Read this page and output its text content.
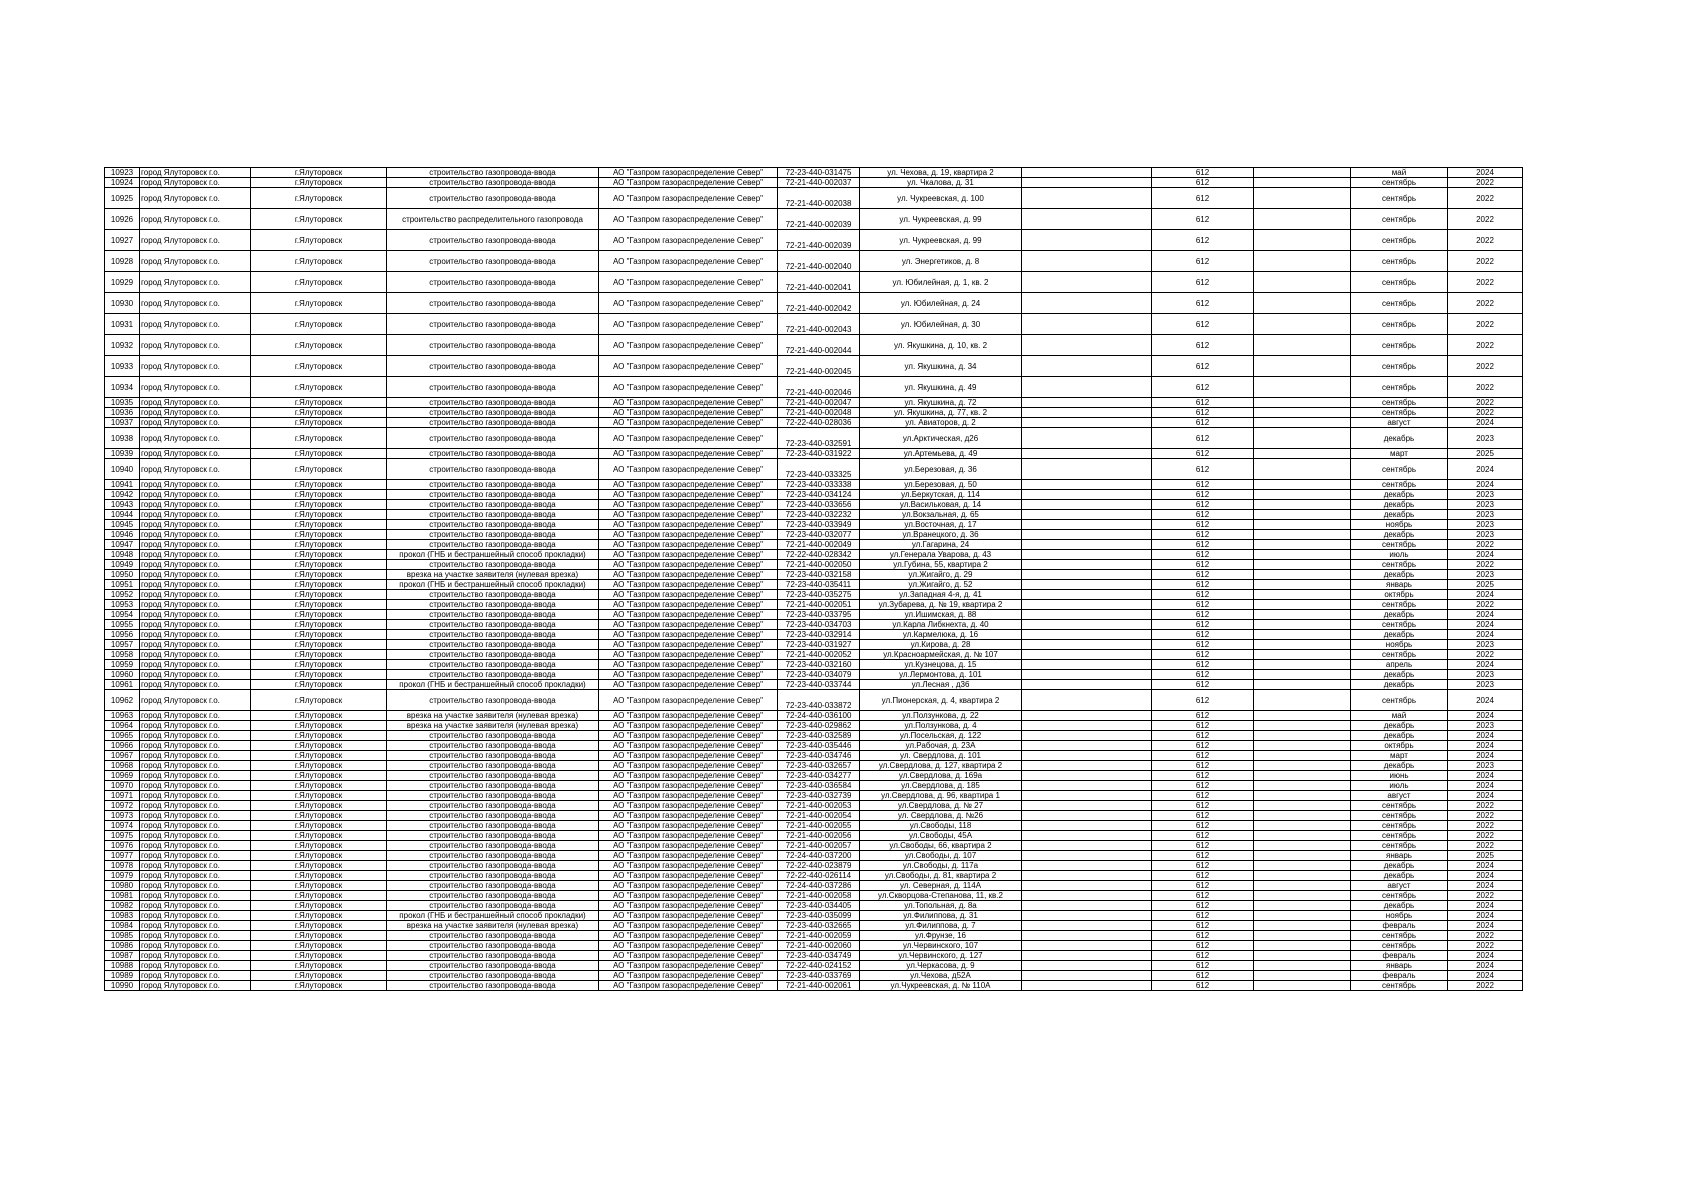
10923	город Ялуторовск г.о.	г.Ялуторовск	строительство газопровода-ввода	АО "Газпром газораспределение Север"	72-23-440-031475	ул. Чехова, д. 19, квартира 2		612		май	2024
10924	город Ялуторовск г.о.	г.Ялуторовск	строительство газопровода-ввода	АО "Газпром газораспределение Север"	72-21-440-002037	ул. Чкалова, д. 31		612		сентябрь	2022
10925	город Ялуторовск г.о.	г.Ялуторовск	строительство газопровода-ввода	АО "Газпром газораспределение Север"	72-21-440-002038	ул. Чукреевская, д. 100		612		сентябрь	2022
10926	город Ялуторовск г.о.	г.Ялуторовск	строительство распределительного газопровода	АО "Газпром газораспределение Север"	72-21-440-002039	ул. Чукреевская, д. 99		612		сентябрь	2022
10927	город Ялуторовск г.о.	г.Ялуторовск	строительство газопровода-ввода	АО "Газпром газораспределение Север"	72-21-440-002039	ул. Чукреевская, д. 99		612		сентябрь	2022
10928	город Ялуторовск г.о.	г.Ялуторовск	строительство газопровода-ввода	АО "Газпром газораспределение Север"	72-21-440-002040	ул. Энергетиков, д. 8		612		сентябрь	2022
10929	город Ялуторовск г.о.	г.Ялуторовск	строительство газопровода-ввода	АО "Газпром газораспределение Север"	72-21-440-002041	ул. Юбилейная, д. 1, кв. 2		612		сентябрь	2022
10930	город Ялуторовск г.о.	г.Ялуторовск	строительство газопровода-ввода	АО "Газпром газораспределение Север"	72-21-440-002042	ул. Юбилейная, д. 24		612		сентябрь	2022
10931	город Ялуторовск г.о.	г.Ялуторовск	строительство газопровода-ввода	АО "Газпром газораспределение Север"	72-21-440-002043	ул. Юбилейная, д. 30		612		сентябрь	2022
10932	город Ялуторовск г.о.	г.Ялуторовск	строительство газопровода-ввода	АО "Газпром газораспределение Север"	72-21-440-002044	ул. Якушкина, д. 10, кв. 2		612		сентябрь	2022
10933	город Ялуторовск г.о.	г.Ялуторовск	строительство газопровода-ввода	АО "Газпром газораспределение Север"	72-21-440-002045	ул. Якушкина, д. 34		612		сентябрь	2022
10934	город Ялуторовск г.о.	г.Ялуторовск	строительство газопровода-ввода	АО "Газпром газораспределение Север"	72-21-440-002046	ул. Якушкина, д. 49		612		сентябрь	2022
10935	город Ялуторовск г.о.	г.Ялуторовск	строительство газопровода-ввода	АО "Газпром газораспределение Север"	72-21-440-002047	ул. Якушкина, д. 72		612		сентябрь	2022
10936	город Ялуторовск г.о.	г.Ялуторовск	строительство газопровода-ввода	АО "Газпром газораспределение Север"	72-21-440-002048	ул. Якушкина, д. 77, кв. 2		612		сентябрь	2022
10937	город Ялуторовск г.о.	г.Ялуторовск	строительство газопровода-ввода	АО "Газпром газораспределение Север"	72-22-440-028036	ул. Авиаторов, д. 2		612		август	2024
10938	город Ялуторовск г.о.	г.Ялуторовск	строительство газопровода-ввода	АО "Газпром газораспределение Север"	72-23-440-032591	ул.Арктическая, д26		612		декабрь	2023
10939	город Ялуторовск г.о.	г.Ялуторовск	строительство газопровода-ввода	АО "Газпром газораспределение Север"	72-23-440-031922	ул.Артемьева, д. 49		612		март	2025
10940	город Ялуторовск г.о.	г.Ялуторовск	строительство газопровода-ввода	АО "Газпром газораспределение Север"	72-23-440-033325	ул.Березовая, д. 36		612		сентябрь	2024
10941	город Ялуторовск г.о.	г.Ялуторовск	строительство газопровода-ввода	АО "Газпром газораспределение Север"	72-23-440-033338	ул.Березовая, д. 50		612		сентябрь	2024
10942	город Ялуторовск г.о.	г.Ялуторовск	строительство газопровода-ввода	АО "Газпром газораспределение Север"	72-23-440-034124	ул.Беркутская, д. 114		612		декабрь	2023
10943	город Ялуторовск г.о.	г.Ялуторовск	строительство газопровода-ввода	АО "Газпром газораспределение Север"	72-23-440-033656	ул.Васильковая, д. 14		612		декабрь	2023
10944	город Ялуторовск г.о.	г.Ялуторовск	строительство газопровода-ввода	АО "Газпром газораспределение Север"	72-23-440-032232	ул.Вокзальная, д. 65		612		декабрь	2023
10945	город Ялуторовск г.о.	г.Ялуторовск	строительство газопровода-ввода	АО "Газпром газораспределение Север"	72-23-440-033949	ул.Восточная, д. 17		612		ноябрь	2023
10946	город Ялуторовск г.о.	г.Ялуторовск	строительство газопровода-ввода	АО "Газпром газораспределение Север"	72-23-440-032077	ул.Вранецкого, д. 36		612		декабрь	2023
10947	город Ялуторовск г.о.	г.Ялуторовск	строительство газопровода-ввода	АО "Газпром газораспределение Север"	72-21-440-002049	ул.Гагарина, 24		612		сентябрь	2022
10948	город Ялуторовск г.о.	г.Ялуторовск	прокол (ГНБ и бестраншейный способ прокладки)	АО "Газпром газораспределение Север"	72-22-440-028342	ул.Генерала Уварова, д. 43		612		июль	2024
10949	город Ялуторовск г.о.	г.Ялуторовск	строительство газопровода-ввода	АО "Газпром газораспределение Север"	72-21-440-002050	ул.Губина, 55, квартира 2		612		сентябрь	2022
10950	город Ялуторовск г.о.	г.Ялуторовск	врезка на участке заявителя (нулевая врезка)	АО "Газпром газораспределение Север"	72-23-440-032158	ул.Жигайго, д. 29		612		декабрь	2023
10951	город Ялуторовск г.о.	г.Ялуторовск	прокол (ГНБ и бестраншейный способ прокладки)	АО "Газпром газораспределение Север"	72-23-440-035411	ул.Жигайго, д. 52		612		январь	2025
10952	город Ялуторовск г.о.	г.Ялуторовск	строительство газопровода-ввода	АО "Газпром газораспределение Север"	72-23-440-035275	ул.Западная 4-я, д. 41		612		октябрь	2024
10953	город Ялуторовск г.о.	г.Ялуторовск	строительство газопровода-ввода	АО "Газпром газораспределение Север"	72-21-440-002051	ул.Зубарева, д. № 19, квартира 2		612		сентябрь	2022
10954	город Ялуторовск г.о.	г.Ялуторовск	строительство газопровода-ввода	АО "Газпром газораспределение Север"	72-23-440-033795	ул.Ишимская, д. 88		612		декабрь	2024
10955	город Ялуторовск г.о.	г.Ялуторовск	строительство газопровода-ввода	АО "Газпром газораспределение Север"	72-23-440-034703	ул.Карла Либкнехта, д. 40		612		сентябрь	2024
10956	город Ялуторовск г.о.	г.Ялуторовск	строительство газопровода-ввода	АО "Газпром газораспределение Север"	72-23-440-032914	ул.Кармелюка, д. 16		612		декабрь	2024
10957	город Ялуторовск г.о.	г.Ялуторовск	строительство газопровода-ввода	АО "Газпром газораспределение Север"	72-23-440-031927	ул.Кирова, д. 28		612		ноябрь	2023
10958	город Ялуторовск г.о.	г.Ялуторовск	строительство газопровода-ввода	АО "Газпром газораспределение Север"	72-21-440-002052	ул.Красноармейская, д. № 107		612		сентябрь	2022
10959	город Ялуторовск г.о.	г.Ялуторовск	строительство газопровода-ввода	АО "Газпром газораспределение Север"	72-23-440-032160	ул.Кузнецова, д. 15		612		апрель	2024
10960	город Ялуторовск г.о.	г.Ялуторовск	строительство газопровода-ввода	АО "Газпром газораспределение Север"	72-23-440-034079	ул.Лермонтова, д. 101		612		декабрь	2023
10961	город Ялуторовск г.о.	г.Ялуторовск	прокол (ГНБ и бестраншейный способ прокладки)	АО "Газпром газораспределение Север"	72-23-440-033744	ул.Лесная , д36		612		декабрь	2023
10962	город Ялуторовск г.о.	г.Ялуторовск	строительство газопровода-ввода	АО "Газпром газораспределение Север"	72-23-440-033872	ул.Пионерская, д. 4, квартира 2		612		сентябрь	2024
10963	город Ялуторовск г.о.	г.Ялуторовск	врезка на участке заявителя (нулевая врезка)	АО "Газпром газораспределение Север"	72-24-440-036100	ул.Ползункова, д. 22		612		май	2024
10964	город Ялуторовск г.о.	г.Ялуторовск	врезка на участке заявителя (нулевая врезка)	АО "Газпром газораспределение Север"	72-23-440-029862	ул.Ползункова, д. 4		612		декабрь	2023
10965	город Ялуторовск г.о.	г.Ялуторовск	строительство газопровода-ввода	АО "Газпром газораспределение Север"	72-23-440-032589	ул.Посельская, д. 122		612		декабрь	2024
10966	город Ялуторовск г.о.	г.Ялуторовск	строительство газопровода-ввода	АО "Газпром газораспределение Север"	72-23-440-035446	ул.Рабочая, д. 23А		612		октябрь	2024
10967	город Ялуторовск г.о.	г.Ялуторовск	строительство газопровода-ввода	АО "Газпром газораспределение Север"	72-23-440-034746	ул. Свердлова, д. 101		612		март	2024
10968	город Ялуторовск г.о.	г.Ялуторовск	строительство газопровода-ввода	АО "Газпром газораспределение Север"	72-23-440-032657	ул.Свердлова, д. 127, квартира 2		612		декабрь	2023
10969	город Ялуторовск г.о.	г.Ялуторовск	строительство газопровода-ввода	АО "Газпром газораспределение Север"	72-23-440-034277	ул.Свердлова, д. 169а		612		июнь	2024
10970	город Ялуторовск г.о.	г.Ялуторовск	строительство газопровода-ввода	АО "Газпром газораспределение Север"	72-23-440-036584	ул.Свердлова, д. 185		612		июль	2024
10971	город Ялуторовск г.о.	г.Ялуторовск	строительство газопровода-ввода	АО "Газпром газораспределение Север"	72-23-440-032739	ул.Свердлова, д. 96, квартира 1		612		август	2024
10972	город Ялуторовск г.о.	г.Ялуторовск	строительство газопровода-ввода	АО "Газпром газораспределение Север"	72-21-440-002053	ул.Свердлова, д. № 27		612		сентябрь	2022
10973	город Ялуторовск г.о.	г.Ялуторовск	строительство газопровода-ввода	АО "Газпром газораспределение Север"	72-21-440-002054	ул. Свердлова, д. №26		612		сентябрь	2022
10974	город Ялуторовск г.о.	г.Ялуторовск	строительство газопровода-ввода	АО "Газпром газораспределение Север"	72-21-440-002055	ул.Свободы, 118		612		сентябрь	2022
10975	город Ялуторовск г.о.	г.Ялуторовск	строительство газопровода-ввода	АО "Газпром газораспределение Север"	72-21-440-002056	ул.Свободы, 45А		612		сентябрь	2022
10976	город Ялуторовск г.о.	г.Ялуторовск	строительство газопровода-ввода	АО "Газпром газораспределение Север"	72-21-440-002057	ул.Свободы, 66, квартира 2		612		сентябрь	2022
10977	город Ялуторовск г.о.	г.Ялуторовск	строительство газопровода-ввода	АО "Газпром газораспределение Север"	72-24-440-037200	ул.Свободы, д. 107		612		январь	2025
10978	город Ялуторовск г.о.	г.Ялуторовск	строительство газопровода-ввода	АО "Газпром газораспределение Север"	72-22-440-023879	ул.Свободы, д. 117а		612		декабрь	2024
10979	город Ялуторовск г.о.	г.Ялуторовск	строительство газопровода-ввода	АО "Газпром газораспределение Север"	72-22-440-026114	ул.Свободы, д. 81, квартира 2		612		декабрь	2024
10980	город Ялуторовск г.о.	г.Ялуторовск	строительство газопровода-ввода	АО "Газпром газораспределение Север"	72-24-440-037286	ул. Северная, д. 114А		612		август	2024
10981	город Ялуторовск г.о.	г.Ялуторовск	строительство газопровода-ввода	АО "Газпром газораспределение Север"	72-21-440-002058	ул.Скворцова-Степанова, 11, кв.2		612		сентябрь	2022
10982	город Ялуторовск г.о.	г.Ялуторовск	строительство газопровода-ввода	АО "Газпром газораспределение Север"	72-23-440-034405	ул.Топольная, д. 8а		612		декабрь	2024
10983	город Ялуторовск г.о.	г.Ялуторовск	прокол (ГНБ и бестраншейный способ прокладки)	АО "Газпром газораспределение Север"	72-23-440-035099	ул.Филиппова, д. 31		612		ноябрь	2024
10984	город Ялуторовск г.о.	г.Ялуторовск	врезка на участке заявителя (нулевая врезка)	АО "Газпром газораспределение Север"	72-23-440-032665	ул.Филиппова, д. 7		612		февраль	2024
10985	город Ялуторовск г.о.	г.Ялуторовск	строительство газопровода-ввода	АО "Газпром газораспределение Север"	72-21-440-002059	ул.Фрунзе, 16		612		сентябрь	2022
10986	город Ялуторовск г.о.	г.Ялуторовск	строительство газопровода-ввода	АО "Газпром газораспределение Север"	72-21-440-002060	ул.Червинского, 107		612		сентябрь	2022
10987	город Ялуторовск г.о.	г.Ялуторовск	строительство газопровода-ввода	АО "Газпром газораспределение Север"	72-23-440-034749	ул.Червинского, д. 127		612		февраль	2024
10988	город Ялуторовск г.о.	г.Ялуторовск	строительство газопровода-ввода	АО "Газпром газораспределение Север"	72-22-440-024152	ул.Черкасова, д. 9		612		январь	2024
10989	город Ялуторовск г.о.	г.Ялуторовск	строительство газопровода-ввода	АО "Газпром газораспределение Север"	72-23-440-033769	ул.Чехова, д52А		612		февраль	2024
10990	город Ялуторовск г.о.	г.Ялуторовск	строительство газопровода-ввода	АО "Газпром газораспределение Север"	72-21-440-002061	ул.Чукреевская, д. № 110А		612		сентябрь	2022
